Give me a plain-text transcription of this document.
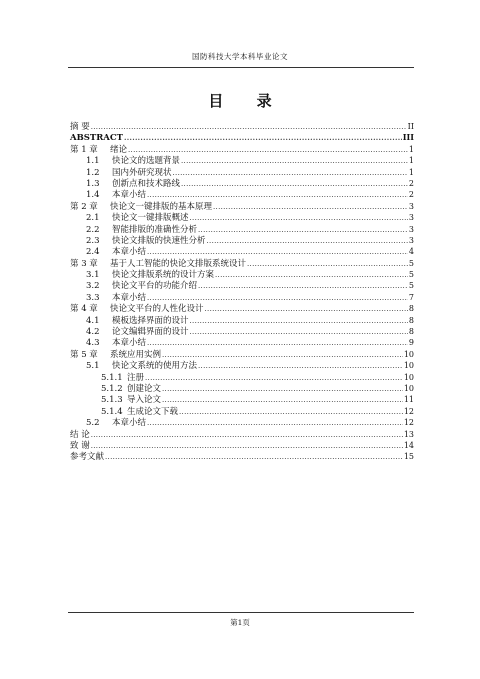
国防科技大学本科毕业论文
目 录
摘 要 .....	II
ABSTRACT .....	III
第 1 章	绪论 .....	1
1.1	快论文的选题背景 .....	1
1.2	国内外研究现状 .....	1
1.3	创新点和技术路线 .....	2
1.4	本章小结 .....	2
第 2 章	快论文一键排版的基本原理 .....	3
2.1	快论文一键排版概述 .....	3
2.2	智能排版的准确性分析 .....	3
2.3	快论文排版的快速性分析 .....	3
2.4	本章小结 .....	4
第 3 章	基于人工智能的快论文排版系统设计 .....	5
3.1	快论文排版系统的设计方案 .....	5
3.2	快论文平台的功能介绍 .....	5
3.3	本章小结 .....	7
第 4 章	快论文平台的人性化设计 .....	8
4.1	模板选择界面的设计 .....	8
4.2	论文编辑界面的设计 .....	8
4.3	本章小结 .....	9
第 5 章	系统应用实例 .....	10
5.1	快论文系统的使用方法 .....	10
5.1.1 注册 .....	10
5.1.2 创建论文 .....	10
5.1.3 导入论文 .....	11
5.1.4 生成论文下载 .....	12
5.2	本章小结 .....	12
结 论 .....	13
致 谢 .....	14
参考文献 .....	15
第1页
